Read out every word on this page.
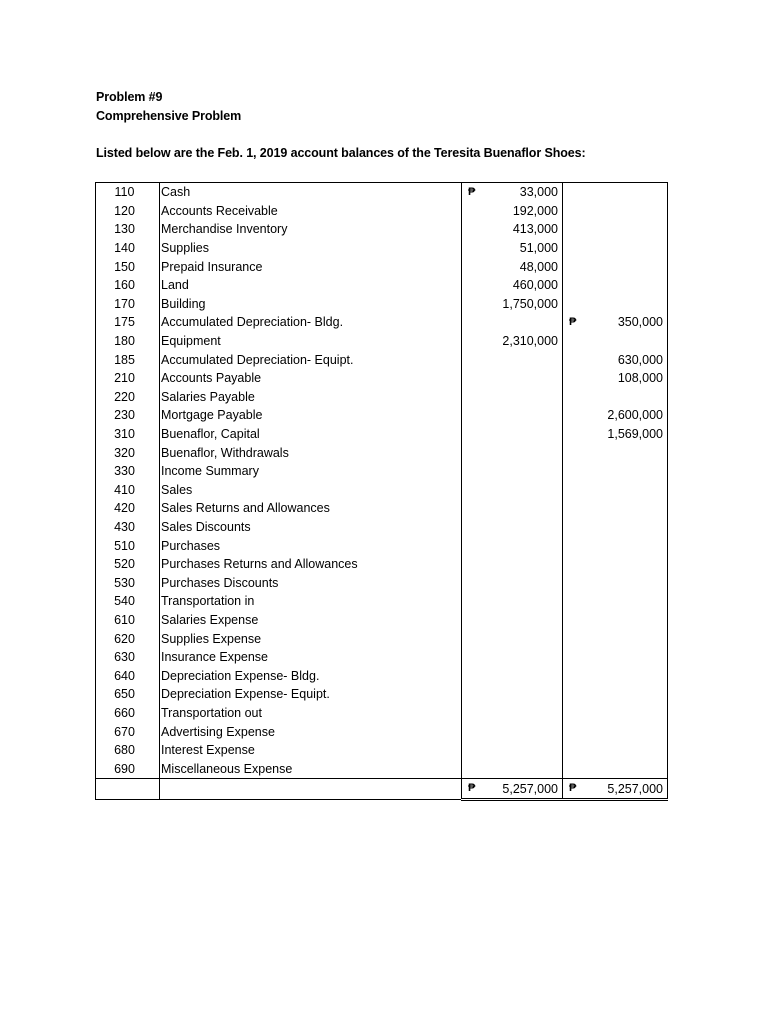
Problem #9
Comprehensive Problem
Listed below are the Feb. 1, 2019 account balances of the Teresita Buenaflor Shoes:
110	Cash	₱ 33,000	

120	Accounts Receivable	192,000	

130	Merchandise Inventory	413,000	

140	Supplies	51,000	

150	Prepaid Insurance	48,000	

160	Land	460,000	

170	Building	1,750,000	

175	Accumulated Depreciation- Bldg.		₱ 350,000
180	Equipment	2,310,000	

185	Accumulated Depreciation- Equipt.		630,000
210	Accounts Payable		108,000
220	Salaries Payable	

230	Mortgage Payable		2,600,000
310	Buenaflor, Capital		1,569,000
320	Buenaflor, Withdrawals	

330	Income Summary	

410	Sales	

420	Sales Returns and Allowances	

430	Sales Discounts	

510	Purchases	

520	Purchases Returns and Allowances	

530	Purchases Discounts	

540	Transportation in	

610	Salaries Expense	

620	Supplies Expense	

630	Insurance Expense	

640	Depreciation Expense- Bldg.	

650	Depreciation Expense- Equipt.	

660	Transportation out	

670	Advertising Expense	

680	Interest Expense	

690	Miscellaneous Expense	

		₱ 5,257,000	₱ 5,257,000
